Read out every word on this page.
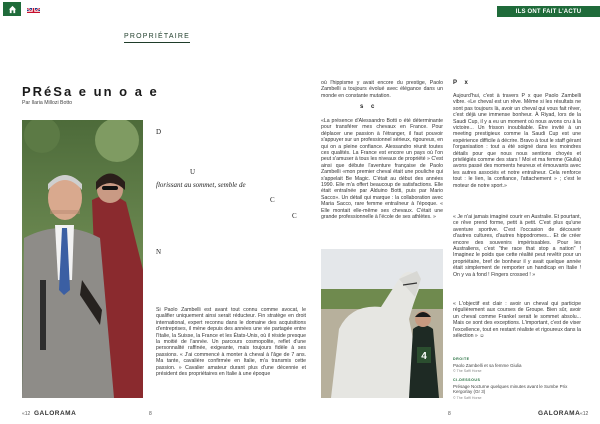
ILS ONT FAIT L'ACTU
PROPRIÉTAIRE
PRéSa e un o a e
Par Ilaria Millozi Botto
D
U
florissant au sommet, semble de
C
C
N
Si Paolo Zambelli est avant tout connu comme avocat, le qualifier uniquement ainsi serait réducteur. Fin stratège en droit international, expert reconnu dans le domaine des acquisitions d'entreprises, il mène depuis des années une vie partagée entre l'Italie, la Suisse, la France et les États-Unis, où il réside presque la moitié de l'année. Un parcours cosmopolite, reflet d'une personnalité raffinée, exigeante, mais toujours fidèle à ses passions. « J'ai commencé à monter à cheval à l'âge de 7 ans. Ma tante, cavalière confirmée en Italie, m'a transmis cette passion. » Cavalier amateur durant plus d'une décennie et président des propriétaires en Italie à une époque
où l'hippisme y avait encore du prestige, Paolo Zambelli a toujours évolué avec élégance dans un monde en constante mutation.
s c
«La présence d'Alessandro Botti o été déterminante pour transférer mes chevaux en France. Pour déplacer une passion à l'étranger, il faut pouvoir s'appuyer sur un professionnel sérieux, rigoureux, en qui on a pleine confiance. Alessandro réunit toutes ces qualités. La France est encore un pays où l'on peut s'amuser à tous les niveaux de propriété » C'est ainsi que débute l'aventure française de Paolo Zambelli «mon premier cheval était une pouliche qui s'appelait Be Magic. C'était au début des années 1990. Elle m'a offert beaucoup de satisfactions. Elle était entraînée par Alduino Botti, puis par Mario Sacco». Un détail qui marque : la collaboration avec Maria Sacco, rare femme entraîneur à l'époque. « Elle montait elle-même ses chevaux. C'était une grande professionnelle à l'école de ses athlètes. »
4
P x
Aujourd'hui, c'est à travers P x que Paolo Zambelli vibre. «Le cheval est un rêve. Même si les résultats ne sont pas toujours là, avoir un cheval qui vous fait rêver, c'est déjà une immense bonheur. À Riyad, lors de la Saudi Cup, il y a eu un moment où nous avons cru à la victoire... Un frisson inoubliable. Être invité à un meeting prestigieux comme la Saudi Cup est une expérience difficile à décrire. Bravo à tout le staff gérant l'organisation : tout a été soigné dans les moindres détails pour que nous nous sentions choyés et privilégiés comme des stars ! Moi et ma femme (Giulia) avons passé des moments heureux et émouvants avec les autres associés et notre entraîneur. Cela renforce tout : le lien, la confiance, l'attachement » ; c'est le moteur de notre sport.»
« Je n'ai jamais imaginé courir en Australie. Et pourtant, ce rêve prend forme, petit à petit. C'est plus qu'une aventure sportive. C'est l'occasion de découvrir d'autres cultures, d'autres hippodromes... Et de créer encore des souvenirs impérissables. Pour les Australiens, c'est "the race that stop a nation" ! Imaginez le poids que cette réalité peut revêtir pour un propriétaire, bref de bonheur il y avait quelque année était simplement de remporter un handicap en Italie ! On y va à fond ! Fingers crossed ! »
« L'objectif est clair : avoir un cheval qui participe régulièrement aux courses de Groupe. Bien sûr, avoir un cheval comme Frankel serait le sommet absolu... Mais ce sont des exceptions. L'important, c'est de viser l'excellence, tout en restant réaliste et rigoureux dans la sélection » ☺
DROITE
Paolo Zambelli et sa femme Giulia
© The Saffi Horse
CI-DESSOUS
Présage Nocturne quelques minutes avant le Sumbe Prix Kergorlay (Gr 3)
© The Saffi Horse
«12 GALORAMA	8	8	GALORAMA «12
